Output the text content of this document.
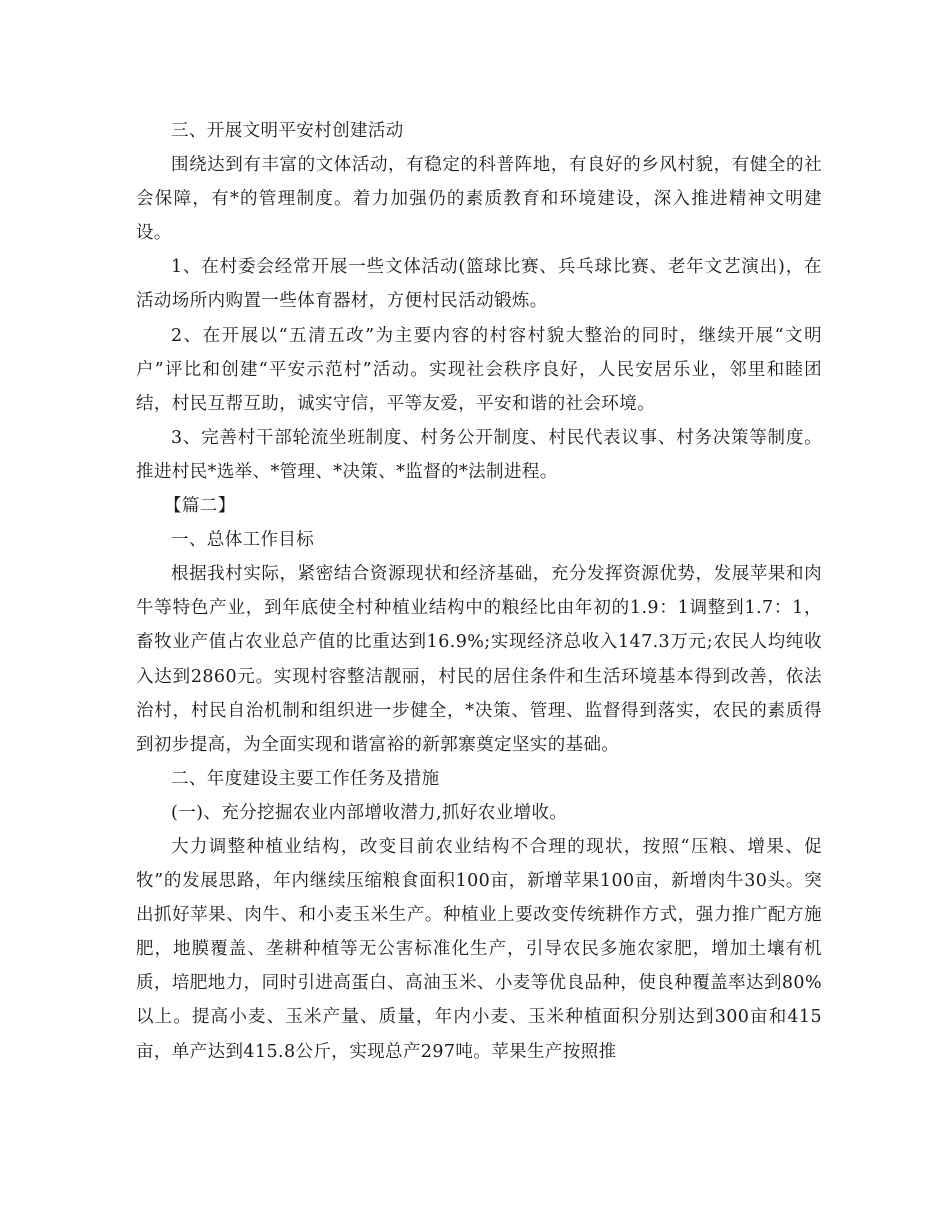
三、开展文明平安村创建活动

围绕达到有丰富的文体活动，有稳定的科普阵地，有良好的乡风村貌，有健全的社会保障，有*的管理制度。着力加强仍的素质教育和环境建设，深入推进精神文明建设。

1、在村委会经常开展一些文体活动(篮球比赛、兵乓球比赛、老年文艺演出)，在活动场所内购置一些体育器材，方便村民活动锻炼。

2、在开展以“五清五改”为主要内容的村容村貌大整治的同时，继续开展“文明户”评比和创建“平安示范村”活动。实现社会秩序良好，人民安居乐业，邻里和睦团结，村民互帮互助，诚实守信，平等友爱，平安和谐的社会环境。

3、完善村干部轮流坐班制度、村务公开制度、村民代表议事、村务决策等制度。推进村民*选举、*管理、*决策、*监督的*法制进程。

【篇二】

一、总体工作目标

根据我村实际，紧密结合资源现状和经济基础，充分发挥资源优势，发展苹果和肉牛等特色产业，到年底使全村种植业结构中的粮经比由年初的1.9：1调整到1.7：1，畜牧业产值占农业总产值的比重达到16.9%;实现经济总收入147.3万元;农民人均纯收入达到2860元。实现村容整洁靓丽，村民的居住条件和生活环境基本得到改善，依法治村，村民自治机制和组织进一步健全，*决策、管理、监督得到落实，农民的素质得到初步提高，为全面实现和谐富裕的新郭寨奠定坚实的基础。

二、年度建设主要工作任务及措施

(一)、充分挖掘农业内部增收潜力,抓好农业增收。

大力调整种植业结构，改变目前农业结构不合理的现状，按照“压粮、增果、促牧”的发展思路，年内继续压缩粮食面积100亩，新增苹果100亩，新增肉牛30头。突出抓好苹果、肉牛、和小麦玉米生产。种植业上要改变传统耕作方式，强力推广配方施肥，地膜覆盖、垄耕种植等无公害标准化生产，引导农民多施农家肥，增加土壤有机质，培肥地力，同时引进高蛋白、高油玉米、小麦等优良品种，使良种覆盖率达到80%以上。提高小麦、玉米产量、质量，年内小麦、玉米种植面积分别达到300亩和415亩，单产达到415.8公斤，实现总产297吨。苹果生产按照推
